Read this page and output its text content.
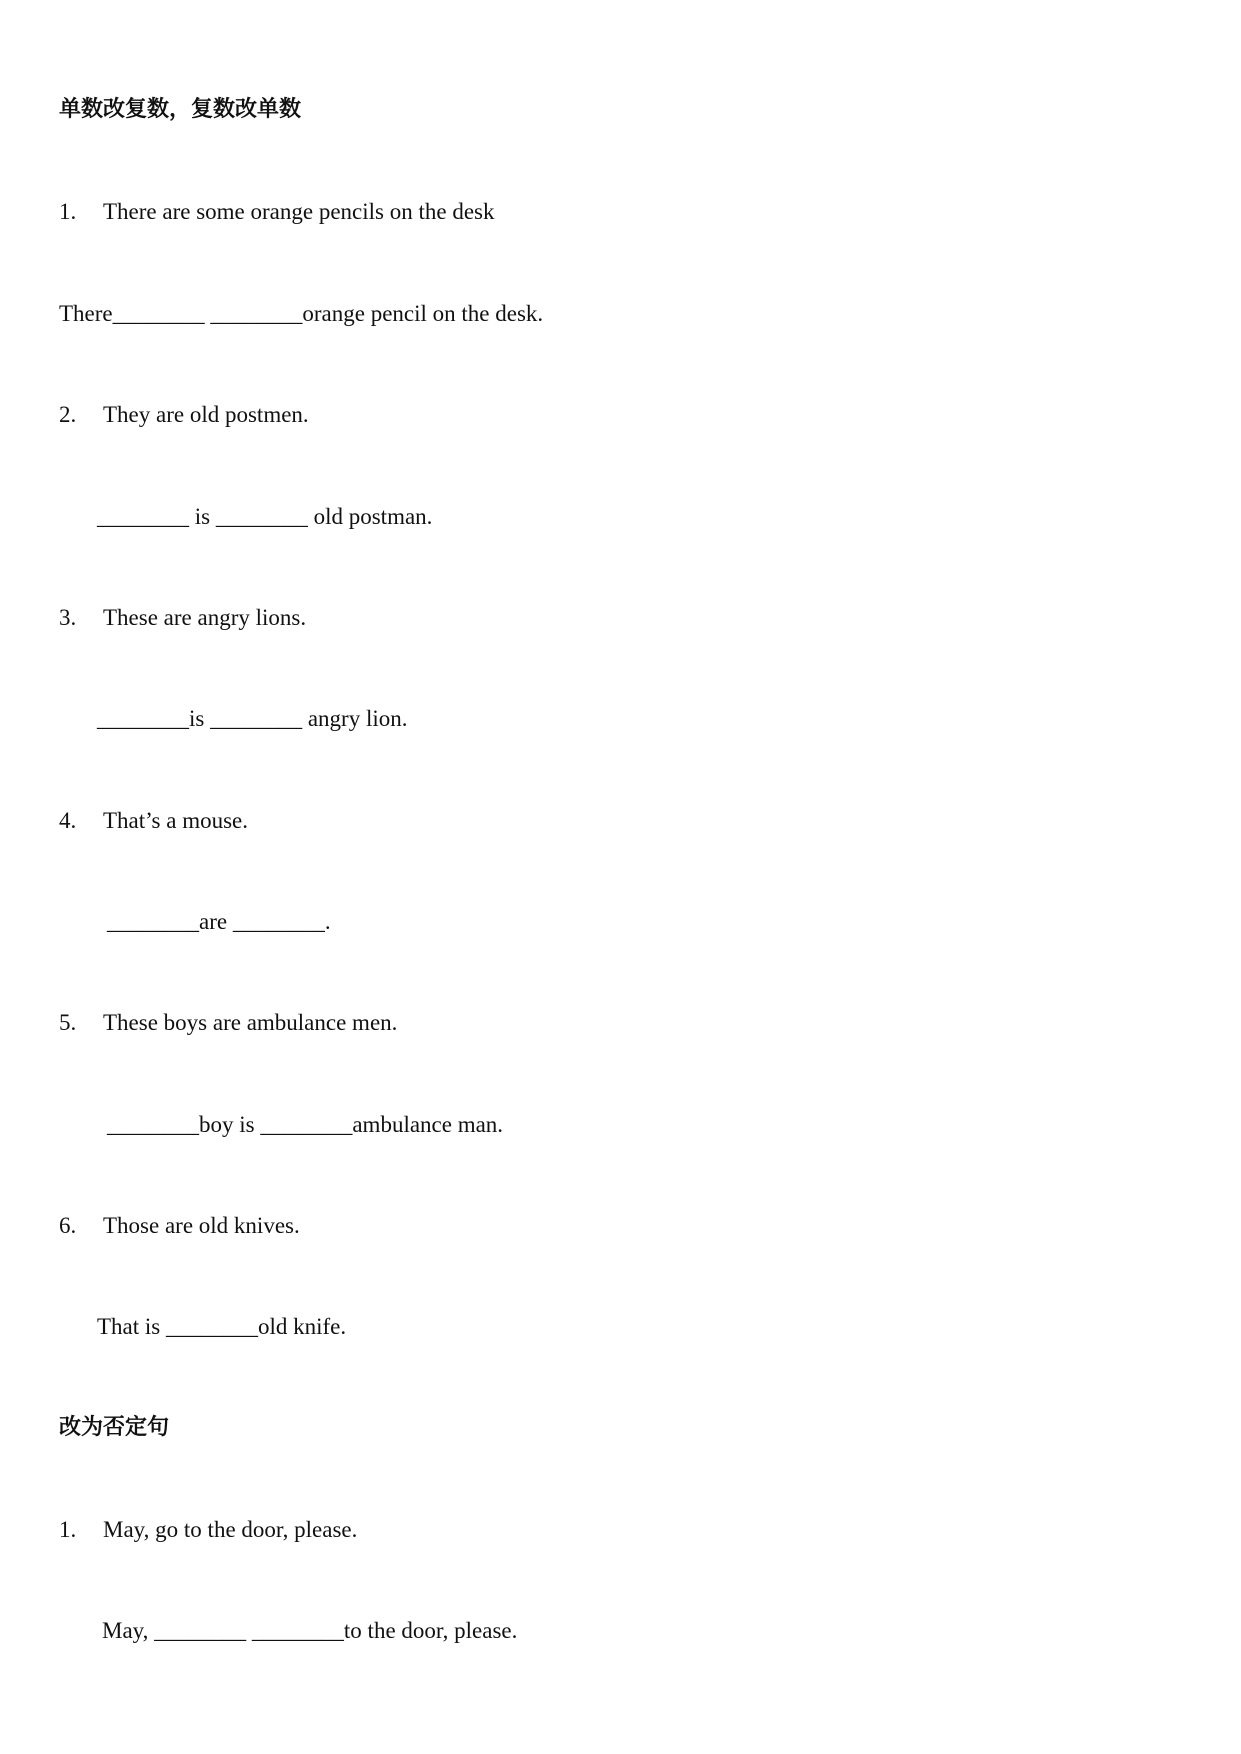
单数改复数，复数改单数

1.

There are some orange pencils on the desk

There________ ________orange pencil on the desk.

2.

They are old postmen.

________ is ________ old postman.

3.

These are angry lions.

________is ________ angry lion.

4.

That’s a mouse.

________are ________.

5.

These boys are ambulance men.

________boy is ________ambulance man.

6.

Those are old knives.

That is ________old knife.
改为否定句

1.

May, go to the door, please.

May, ________ ________to the door, please.
